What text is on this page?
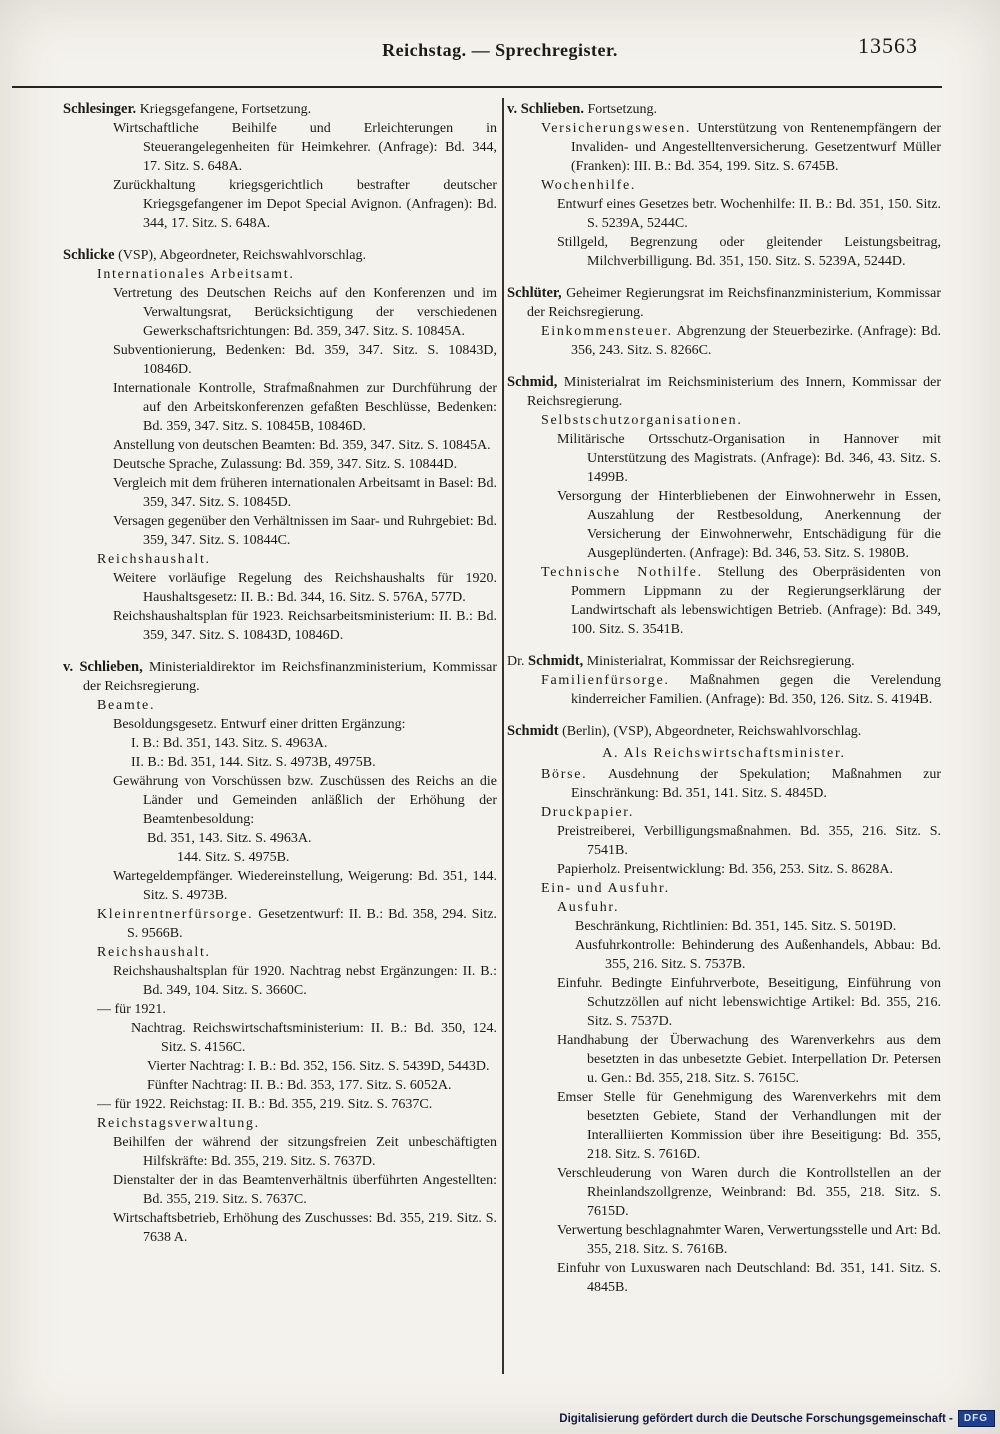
Reichstag. — Sprechregister.	13563
Schlesinger. Kriegsgefangene, Fortsetzung.
Wirtschaftliche Beihilfe und Erleichterungen in Steuerangelegenheiten für Heimkehrer. (Anfrage): Bd. 344, 17. Sitz. S. 648A.
Zurückhaltung kriegsgerichtlich bestrafter deutscher Kriegsgefangener im Depot Special Avignon. (Anfragen): Bd. 344, 17. Sitz. S. 648A.
Schlicke (VSP), Abgeordneter, Reichswahlvorschlag.
Internationales Arbeitsamt.
Vertretung des Deutschen Reichs auf den Konferenzen und im Verwaltungsrat, Berücksichtigung der verschiedenen Gewerkschaftsrichtungen: Bd. 359, 347. Sitz. S. 10845A.
Subventionierung, Bedenken: Bd. 359, 347. Sitz. S. 10843D, 10846D.
Internationale Kontrolle, Strafmaßnahmen zur Durchführung der auf den Arbeitskonferenzen gefaßten Beschlüsse, Bedenken: Bd. 359, 347. Sitz. S. 10845B, 10846D.
Anstellung von deutschen Beamten: Bd. 359, 347. Sitz. S. 10845A.
Deutsche Sprache, Zulassung: Bd. 359, 347. Sitz. S. 10844D.
Vergleich mit dem früheren internationalen Arbeitsamt in Basel: Bd. 359, 347. Sitz. S. 10845D.
Versagen gegenüber den Verhältnissen im Saar- und Ruhrgebiet: Bd. 359, 347. Sitz. S. 10844C.
Reichshaushalt.
Weitere vorläufige Regelung des Reichshaushalts für 1920. Haushaltsgesetz: II. B.: Bd. 344, 16. Sitz. S. 576A, 577D.
Reichshaushaltsplan für 1923. Reichsarbeitsministerium: II. B.: Bd. 359, 347. Sitz. S. 10843D, 10846D.
v. Schlieben, Ministerialdirektor im Reichsfinanzministerium, Kommissar der Reichsregierung.
Beamte.
Besoldungsgesetz. Entwurf einer dritten Ergänzung:
I. B.: Bd. 351, 143. Sitz. S. 4963A.
II. B.: Bd. 351, 144. Sitz. S. 4973B, 4975B.
Gewährung von Vorschüssen bzw. Zuschüssen des Reichs an die Länder und Gemeinden anläßlich der Erhöhung der Beamtenbesoldung:
Bd. 351, 143. Sitz. S. 4963A.
144. Sitz. S. 4975B.
Wartegeldempfänger. Wiedereinstellung, Weigerung: Bd. 351, 144. Sitz. S. 4973B.
Kleinrentnerfürsorge. Gesetzentwurf: II. B.: Bd. 358, 294. Sitz. S. 9566B.
Reichshaushalt.
Reichshaushaltsplan für 1920. Nachtrag nebst Ergänzungen: II. B.: Bd. 349, 104. Sitz. S. 3660C.
— für 1921.
Nachtrag. Reichswirtschaftsministerium: II. B.: Bd. 350, 124. Sitz. S. 4156C.
Vierter Nachtrag: I. B.: Bd. 352, 156. Sitz. S. 5439D, 5443D.
Fünfter Nachtrag: II. B.: Bd. 353, 177. Sitz. S. 6052A.
— für 1922. Reichstag: II. B.: Bd. 355, 219. Sitz. S. 7637C.
Reichstagsverwaltung.
Beihilfen der während der sitzungsfreien Zeit unbeschäftigten Hilfskräfte: Bd. 355, 219. Sitz. S. 7637D.
Dienstalter der in das Beamtenverhältnis überführten Angestellten: Bd. 355, 219. Sitz. S. 7637C.
Wirtschaftsbetrieb, Erhöhung des Zuschusses: Bd. 355, 219. Sitz. S. 7638 A.
v. Schlieben. Fortsetzung.
Versicherungswesen. Unterstützung von Rentenempfängern der Invaliden- und Angestelltenversicherung. Gesetzentwurf Müller (Franken): III. B.: Bd. 354, 199. Sitz. S. 6745B.
Wochenhilfe.
Entwurf eines Gesetzes betr. Wochenhilfe: II. B.: Bd. 351, 150. Sitz. S. 5239A, 5244C.
Stillgeld, Begrenzung oder gleitender Leistungsbeitrag, Milchverbilligung. Bd. 351, 150. Sitz. S. 5239A, 5244D.
Schlüter, Geheimer Regierungsrat im Reichsfinanzministerium, Kommissar der Reichsregierung.
Einkommensteuer. Abgrenzung der Steuerbezirke. (Anfrage): Bd. 356, 243. Sitz. S. 8266C.
Schmid, Ministerialrat im Reichsministerium des Innern, Kommissar der Reichsregierung.
Selbstschutzorganisationen.
Militärische Ortsschutz-Organisation in Hannover mit Unterstützung des Magistrats. (Anfrage): Bd. 346, 43. Sitz. S. 1499B.
Versorgung der Hinterbliebenen der Einwohnerwehr in Essen, Auszahlung der Restbesoldung, Anerkennung der Versicherung der Einwohnerwehr, Entschädigung für die Ausgeplünderten. (Anfrage): Bd. 346, 53. Sitz. S. 1980B.
Technische Nothilfe. Stellung des Oberpräsidenten von Pommern Lippmann zu der Regierungserklärung der Landwirtschaft als lebenswichtigen Betrieb. (Anfrage): Bd. 349, 100. Sitz. S. 3541B.
Dr. Schmidt, Ministerialrat, Kommissar der Reichsregierung.
Familienfürsorge. Maßnahmen gegen die Verelendung kinderreicher Familien. (Anfrage): Bd. 350, 126. Sitz. S. 4194B.
Schmidt (Berlin), (VSP), Abgeordneter, Reichswahlvorschlag.
A. Als Reichswirtschaftsminister.
Börse. Ausdehnung der Spekulation; Maßnahmen zur Einschränkung: Bd. 351, 141. Sitz. S. 4845D.
Druckpapier.
Preistreiberei, Verbilligungsmaßnahmen. Bd. 355, 216. Sitz. S. 7541B.
Papierholz. Preisentwicklung: Bd. 356, 253. Sitz. S. 8628A.
Ein- und Ausfuhr.
Ausfuhr.
Beschränkung, Richtlinien: Bd. 351, 145. Sitz. S. 5019D.
Ausfuhrkontrolle: Behinderung des Außenhandels, Abbau: Bd. 355, 216. Sitz. S. 7537B.
Einfuhr. Bedingte Einfuhrverbote, Beseitigung, Einführung von Schutzzöllen auf nicht lebenswichtige Artikel: Bd. 355, 216. Sitz. S. 7537D.
Handhabung der Überwachung des Warenverkehrs aus dem besetzten in das unbesetzte Gebiet. Interpellation Dr. Petersen u. Gen.: Bd. 355, 218. Sitz. S. 7615C.
Emser Stelle für Genehmigung des Warenverkehrs mit dem besetzten Gebiete, Stand der Verhandlungen mit der Interalliierten Kommission über ihre Beseitigung: Bd. 355, 218. Sitz. S. 7616D.
Verschleuderung von Waren durch die Kontrollstellen an der Rheinlandszollgrenze, Weinbrand: Bd. 355, 218. Sitz. S. 7615D.
Verwertung beschlagnahmter Waren, Verwertungsstelle und Art: Bd. 355, 218. Sitz. S. 7616B.
Einfuhr von Luxuswaren nach Deutschland: Bd. 351, 141. Sitz. S. 4845B.
Digitalisierung gefördert durch die Deutsche Forschungsgemeinschaft -	DFG
